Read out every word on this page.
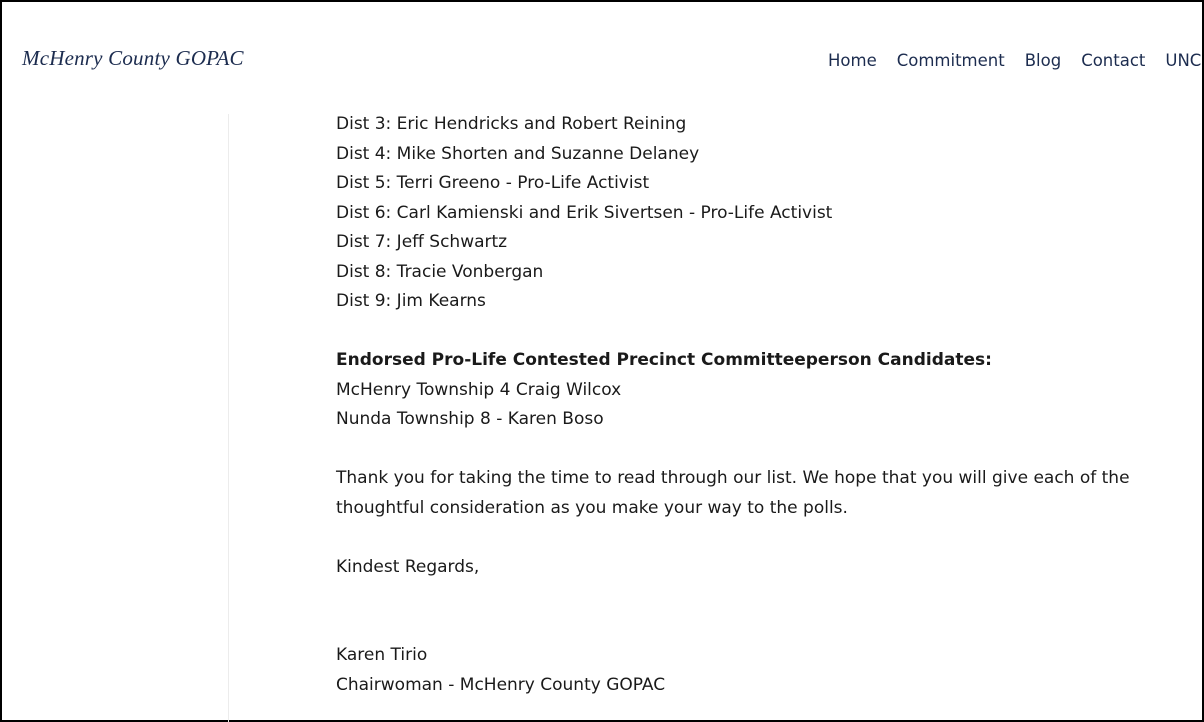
McHenry County GOPAC	Home Commitment Blog Contact UNC

Dist 3: Eric Hendricks and Robert Reining

Dist 4: Mike Shorten and Suzanne Delaney

Dist 5: Terri Greeno - Pro-Life Activist

Dist 6: Carl Kamienski and Erik Sivertsen - Pro-Life Activist

Dist 7: Jeff Schwartz

Dist 8: Tracie Vonbergan

Dist 9: Jim Kearns

Endorsed Pro-Life Contested Precinct Committeeperson Candidates:

McHenry Township 4 Craig Wilcox

Nunda Township 8 - Karen Boso

Thank you for taking the time to read through our list. We hope that you will give each of the

thoughtful consideration as you make your way to the polls.

Kindest Regards,

Karen Tirio

Chairwoman - McHenry County GOPAC
